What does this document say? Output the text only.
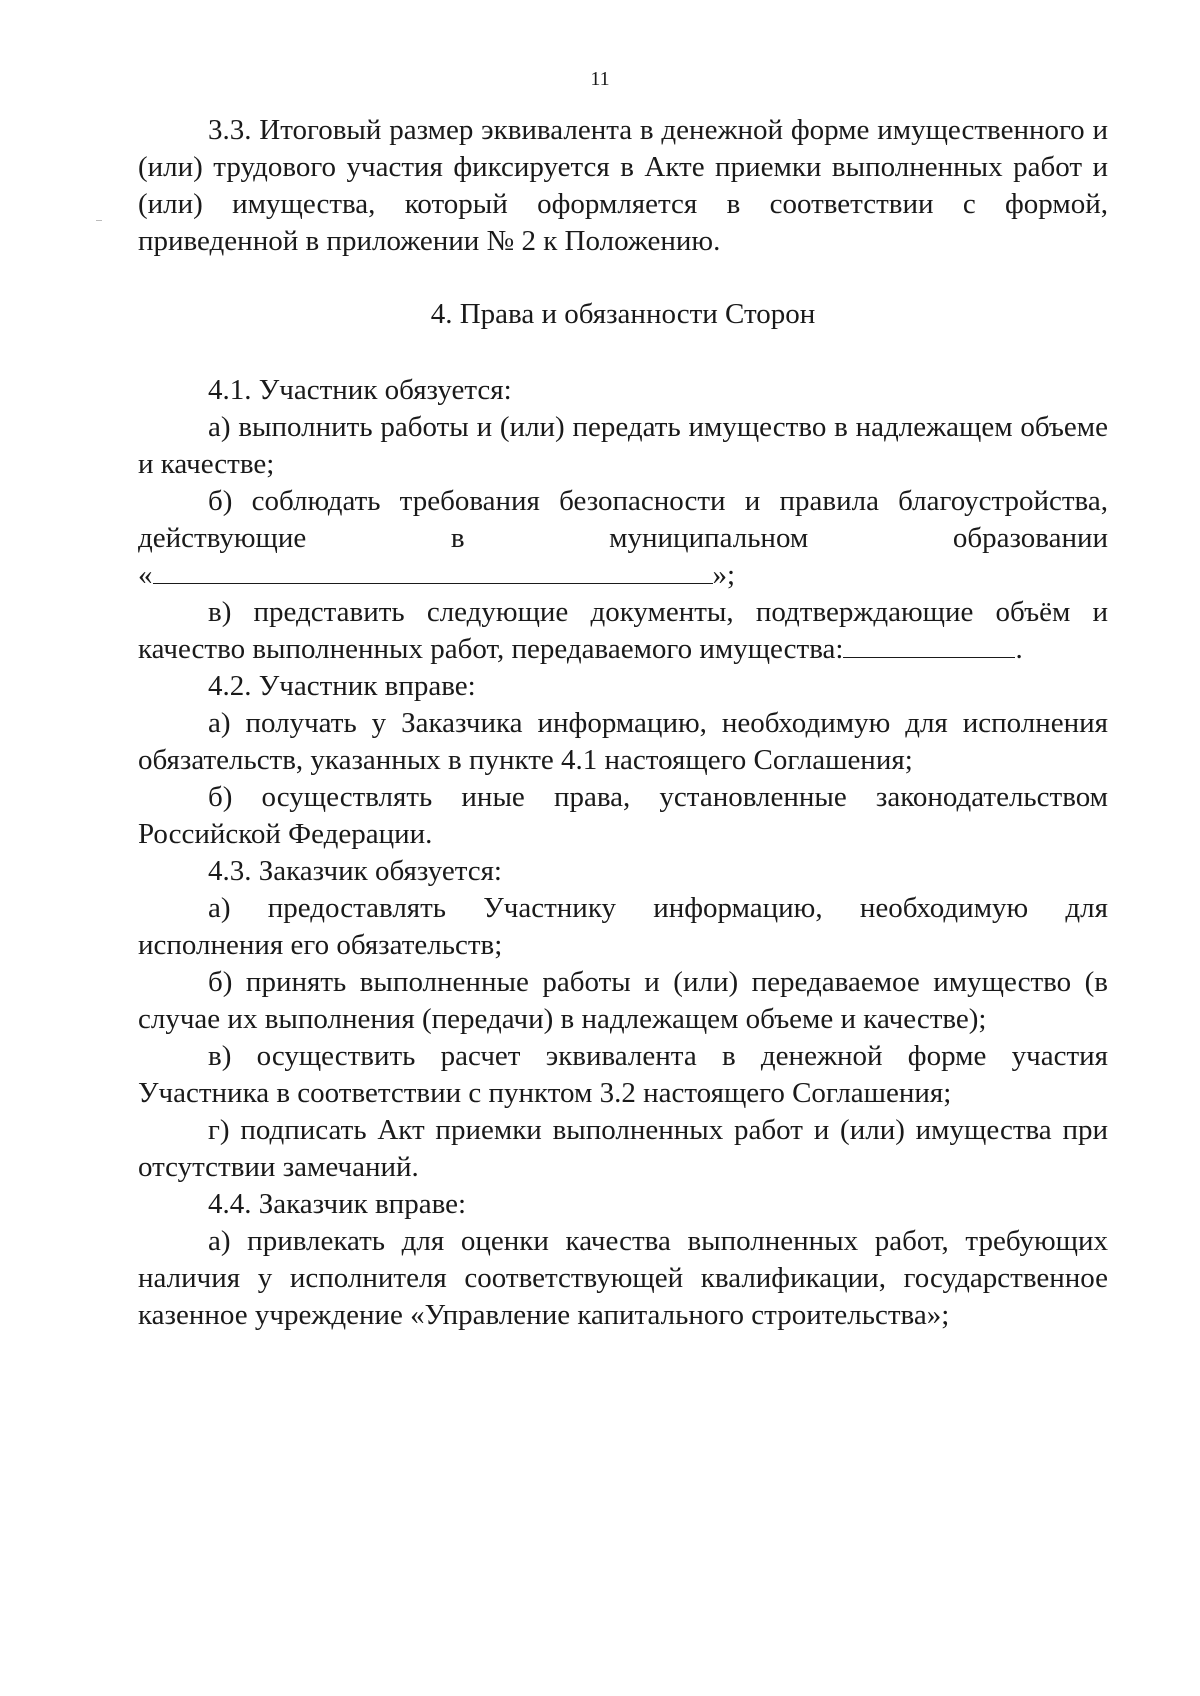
11

3.3. Итоговый размер эквивалента в денежной форме имущественного и (или) трудового участия фиксируется в Акте приемки выполненных работ и (или) имущества, который оформляется в соответствии с формой, приведенной в приложении № 2 к Положению.

4. Права и обязанности Сторон

4.1. Участник обязуется:

а) выполнить работы и (или) передать имущество в надлежащем объеме и качестве;

б) соблюдать требования безопасности и правила благоустройства, действующие в муниципальном образовании

«	»;

в) представить следующие документы, подтверждающие объём и качество выполненных работ, передаваемого имущества:	.

4.2. Участник вправе:

а) получать у Заказчика информацию, необходимую для исполнения обязательств, указанных в пункте 4.1 настоящего Соглашения;

б) осуществлять иные права, установленные законодательством Российской Федерации.

4.3. Заказчик обязуется:

а) предоставлять Участнику информацию, необходимую для исполнения его обязательств;

б) принять выполненные работы и (или) передаваемое имущество (в случае их выполнения (передачи) в надлежащем объеме и качестве);

в) осуществить расчет эквивалента в денежной форме участия Участника в соответствии с пунктом 3.2 настоящего Соглашения;

г) подписать Акт приемки выполненных работ и (или) имущества при отсутствии замечаний.

4.4. Заказчик вправе:

а) привлекать для оценки качества выполненных работ, требующих наличия у исполнителя соответствующей квалификации, государственное казенное учреждение «Управление капитального строительства»;
